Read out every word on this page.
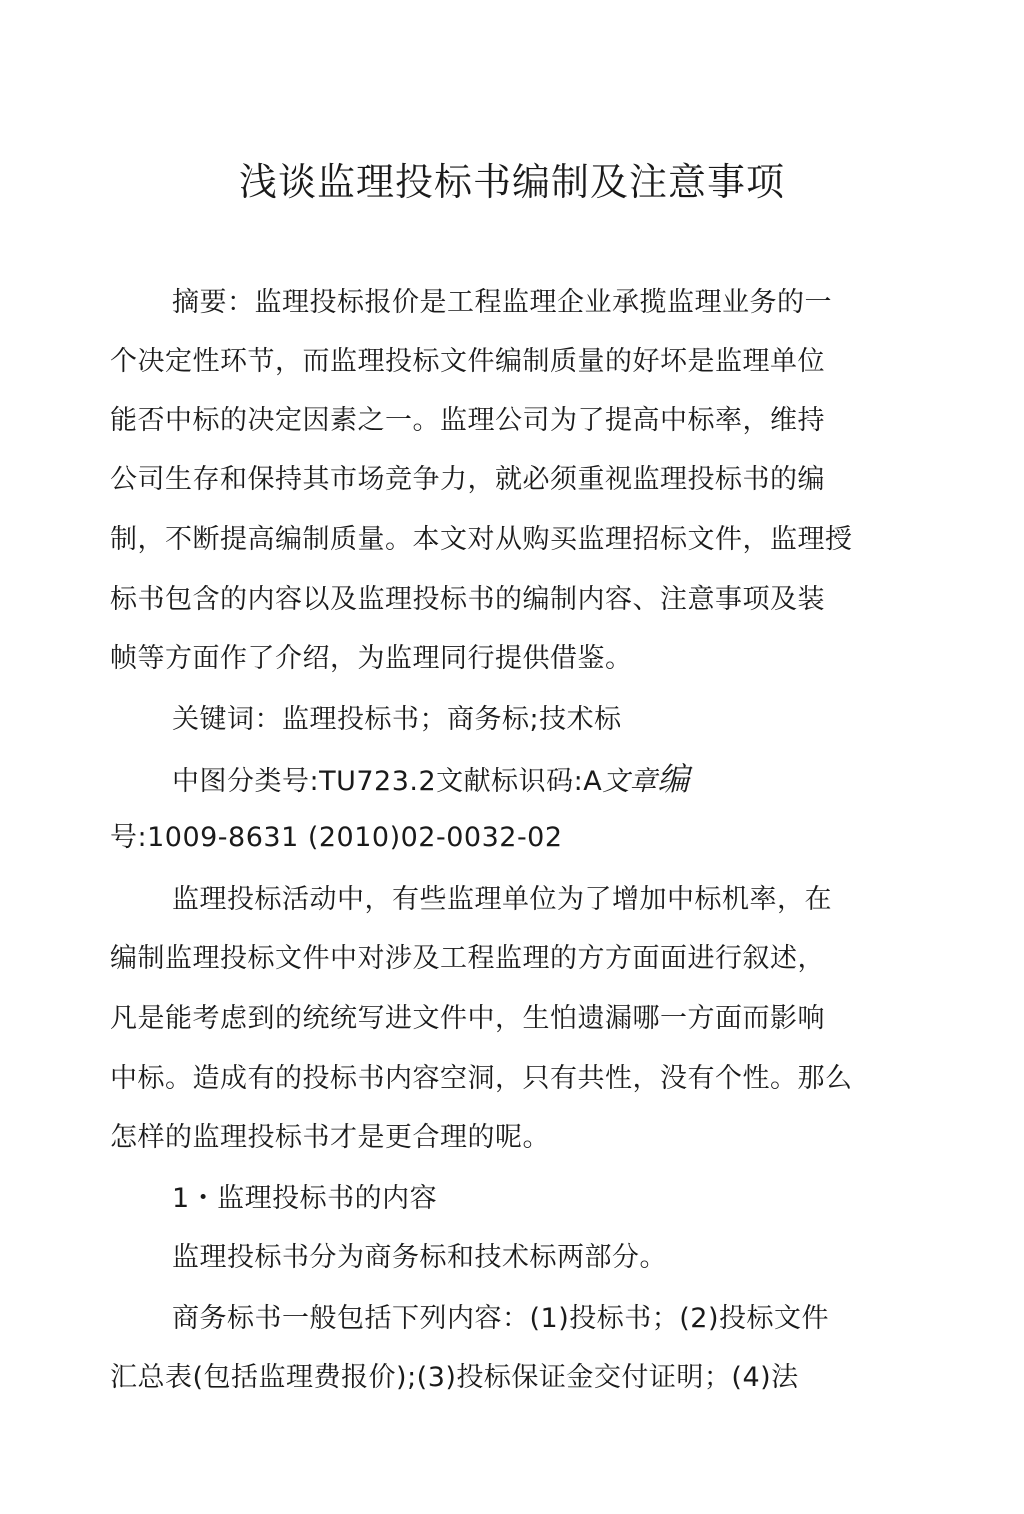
浅谈监理投标书编制及注意事项
摘要：监理投标报价是工程监理企业承揽监理业务的一
个决定性环节，而监理投标文件编制质量的好坏是监理单位
能否中标的决定因素之一。监理公司为了提高中标率，维持
公司生存和保持其市场竞争力，就必须重视监理投标书的编
制，不断提高编制质量。本文对从购买监理招标文件，监理授
标书包含的内容以及监理投标书的编制内容、注意事项及装
帧等方面作了介绍，为监理同行提供借鉴。
关键词：监理投标书；商务标;技术标
中图分类号:TU723.2文献标识码:A文章编
号:1009-8631 (2010)02-0032-02
监理投标活动中，有些监理单位为了增加中标机率，在
编制监理投标文件中对涉及工程监理的方方面面进行叙述，
凡是能考虑到的统统写进文件中，生怕遗漏哪一方面而影响
中标。造成有的投标书内容空洞，只有共性，没有个性。那么
怎样的监理投标书才是更合理的呢。
1・监理投标书的内容
监理投标书分为商务标和技术标两部分。
商务标书一般包括下列内容：(1)投标书；(2)投标文件
汇总表(包括监理费报价);(3)投标保证金交付证明；(4)法
